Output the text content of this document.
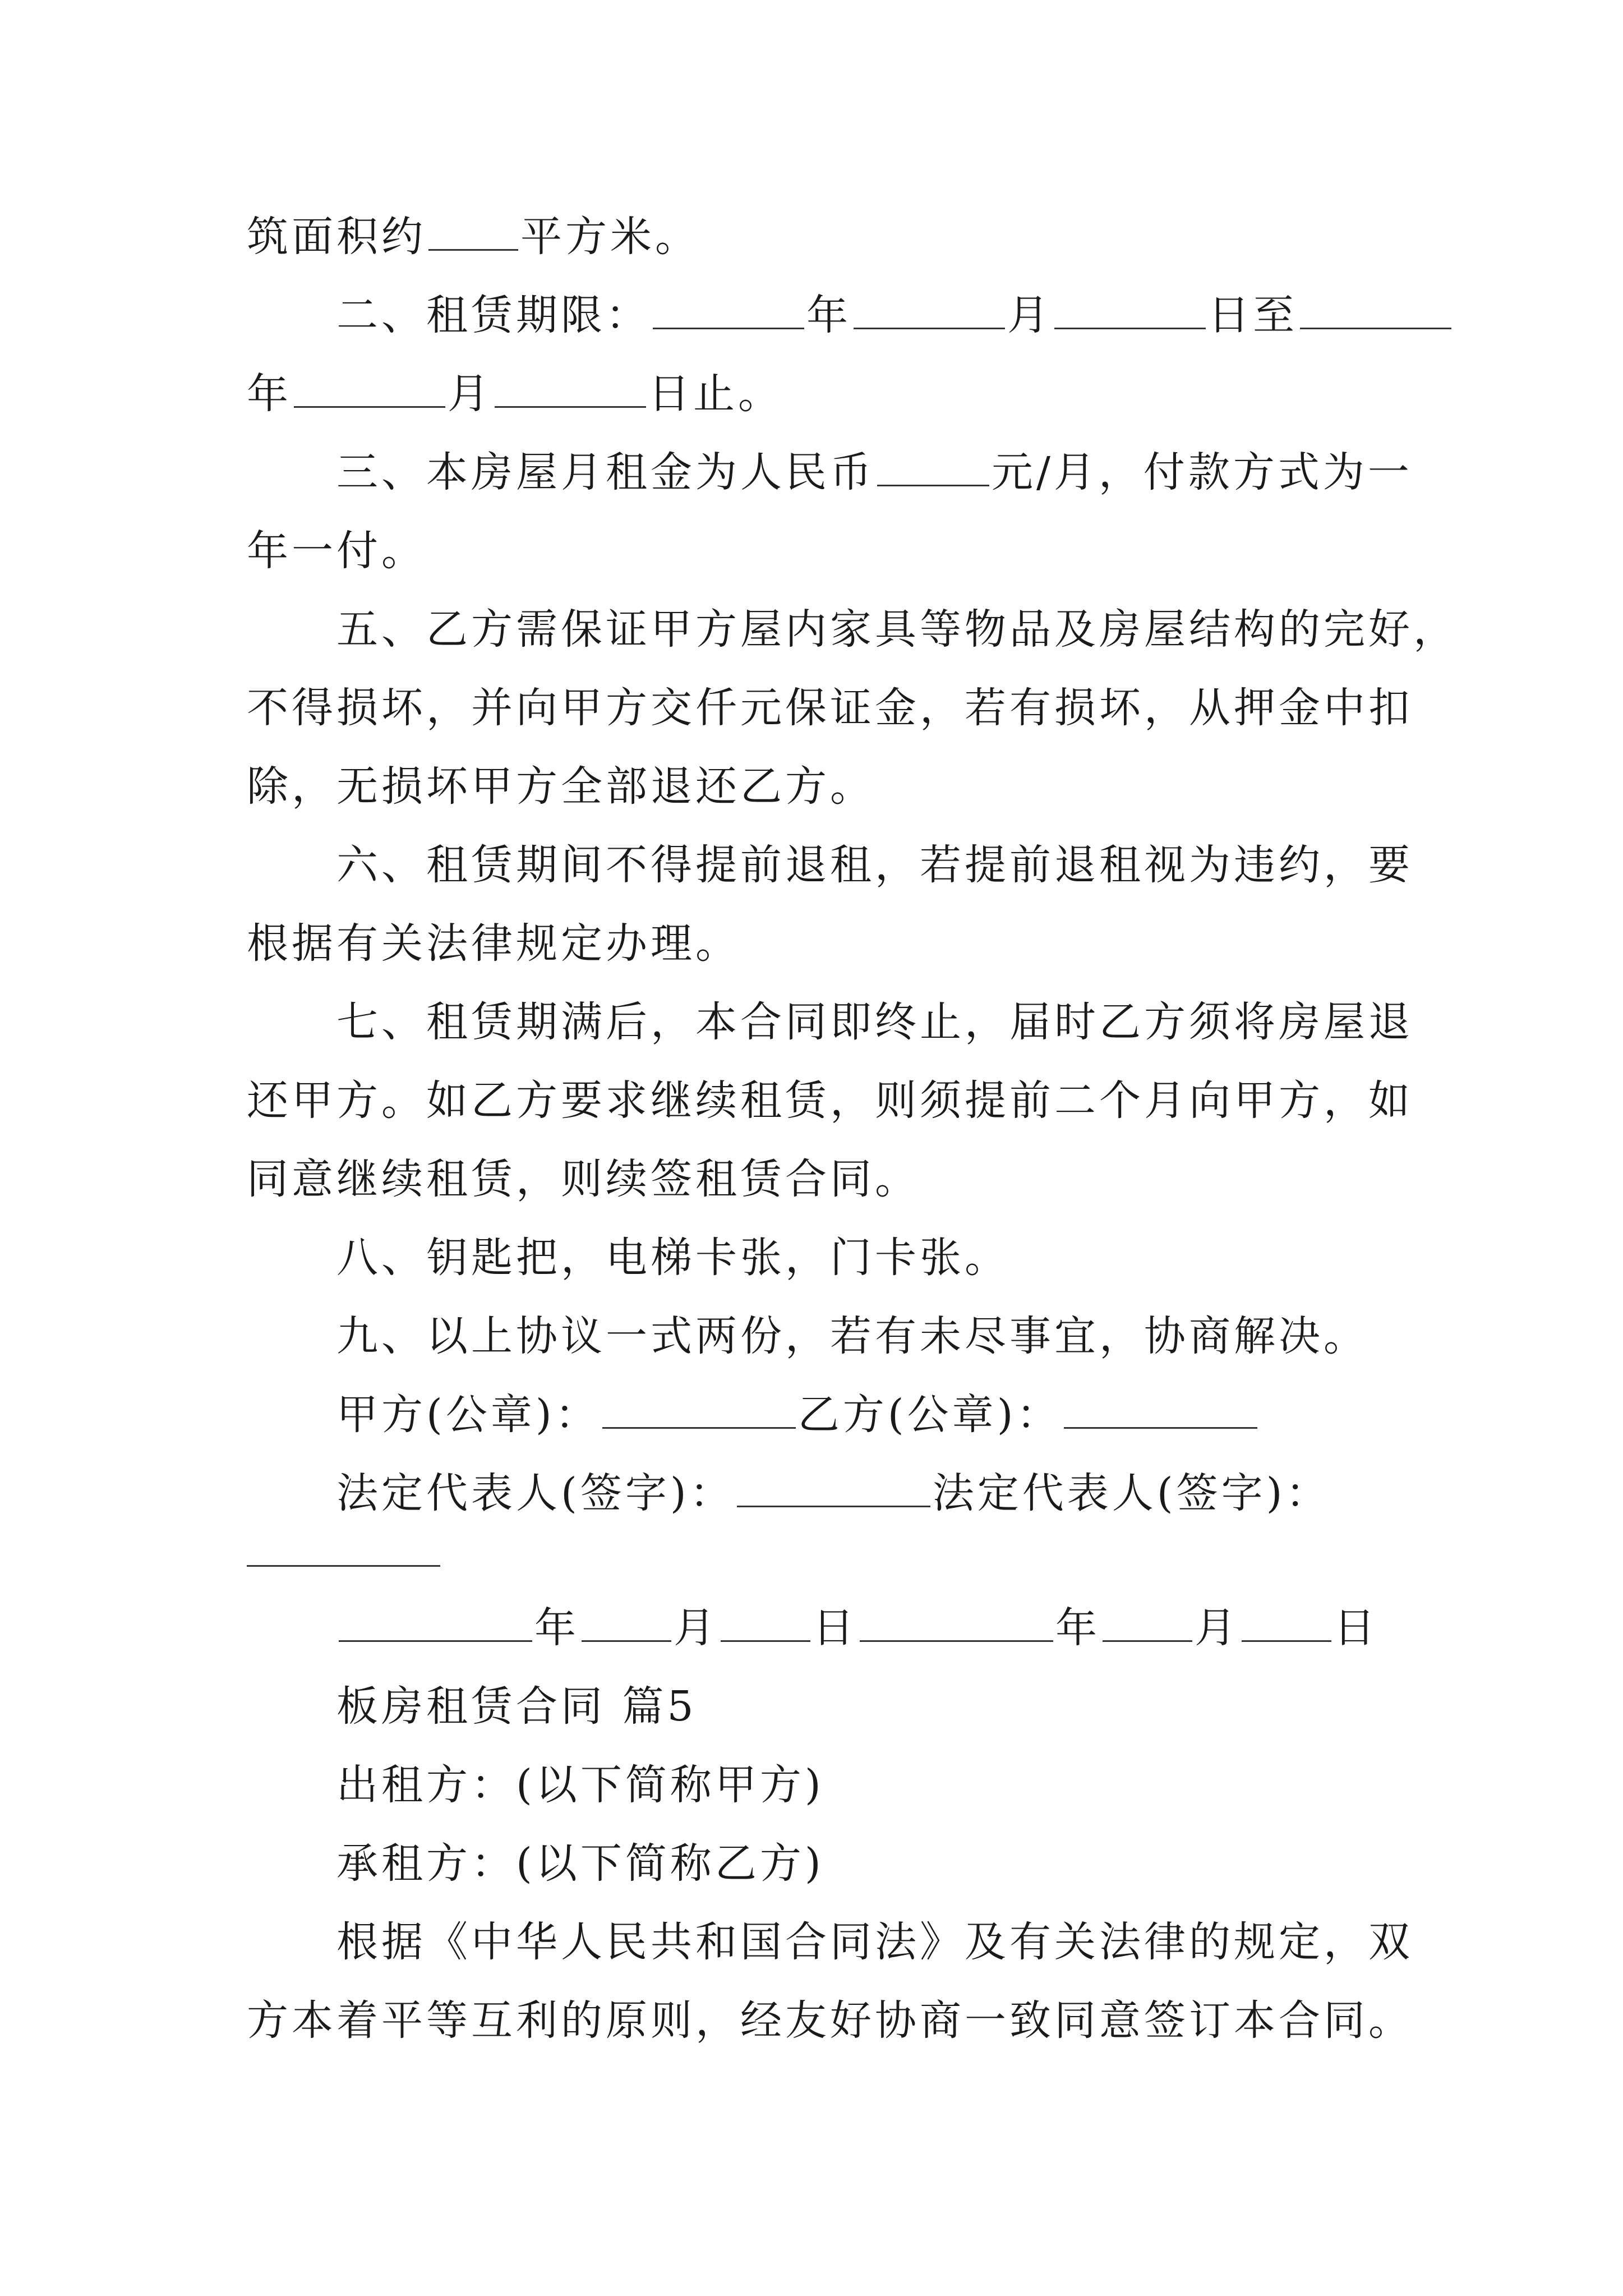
筑面积约 平方米。
二、租赁期限：	年	月	日至
年	月	日止。
三、本房屋月租金为人民币	元/月，付款方式为一
年一付。
五、乙方需保证甲方屋内家具等物品及房屋结构的完好，
不得损坏，并向甲方交仟元保证金，若有损坏，从押金中扣
除，无损坏甲方全部退还乙方。
六、租赁期间不得提前退租，若提前退租视为违约，要
根据有关法律规定办理。
七、租赁期满后，本合同即终止，届时乙方须将房屋退
还甲方。如乙方要求继续租赁，则须提前二个月向甲方，如
同意继续租赁，则续签租赁合同。
八、钥匙把，电梯卡张，门卡张。
九、以上协议一式两份，若有未尽事宜，协商解决。
甲方(公章)：	乙方(公章)：
法定代表人(签字)：	法定代表人(签字)：
年 月 日	年 月 日
板房租赁合同 篇5
出租方：(以下简称甲方)
承租方：(以下简称乙方)
根据《中华人民共和国合同法》及有关法律的规定，双
方本着平等互利的原则，经友好协商一致同意签订本合同。
